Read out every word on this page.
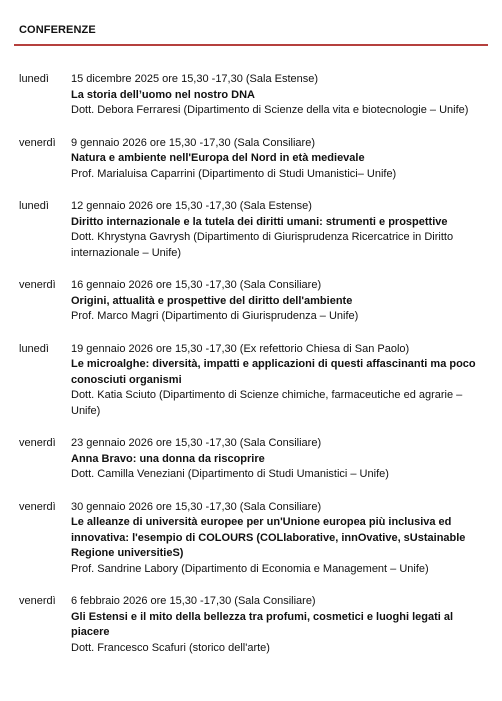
CONFERENZE
lunedì	15 dicembre 2025 ore 15,30 -17,30 (Sala Estense)
La storia dell’uomo nel nostro DNA
Dott. Debora Ferraresi (Dipartimento di Scienze della vita e biotecnologie – Unife)
venerdì	9 gennaio 2026 ore 15,30 -17,30 (Sala Consiliare)
Natura e ambiente nell'Europa del Nord in età medievale
Prof. Marialuisa Caparrini (Dipartimento di Studi Umanistici– Unife)
lunedì	12 gennaio 2026 ore 15,30 -17,30 (Sala Estense)
Diritto internazionale e la tutela dei diritti umani: strumenti e prospettive
Dott. Khrystyna Gavrysh (Dipartimento di Giurisprudenza Ricercatrice in Diritto internazionale – Unife)
venerdì	16 gennaio 2026 ore 15,30 -17,30 (Sala Consiliare)
Origini, attualità e prospettive del diritto dell'ambiente
Prof. Marco Magri (Dipartimento di Giurisprudenza – Unife)
lunedì	19 gennaio 2026 ore 15,30 -17,30 (Ex refettorio Chiesa di San Paolo)
Le microalghe: diversità, impatti e applicazioni di questi affascinanti ma poco conosciuti organismi
Dott. Katia Sciuto (Dipartimento di Scienze chimiche, farmaceutiche ed agrarie – Unife)
venerdì	23 gennaio 2026 ore 15,30 -17,30 (Sala Consiliare)
Anna Bravo: una donna da riscoprire
Dott. Camilla Veneziani (Dipartimento di Studi Umanistici – Unife)
venerdì	30 gennaio 2026 ore 15,30 -17,30 (Sala Consiliare)
Le alleanze di università europee per un'Unione europea più inclusiva ed innovativa: l'esempio di COLOURS (COLlaborative, innOvative, sUstainable Regione universitieS)
Prof. Sandrine Labory (Dipartimento di Economia e Management – Unife)
venerdì	6 febbraio 2026 ore 15,30 -17,30 (Sala Consiliare)
Gli Estensi e il mito della bellezza tra profumi, cosmetici e luoghi legati al piacere
Dott. Francesco Scafuri (storico dell'arte)
